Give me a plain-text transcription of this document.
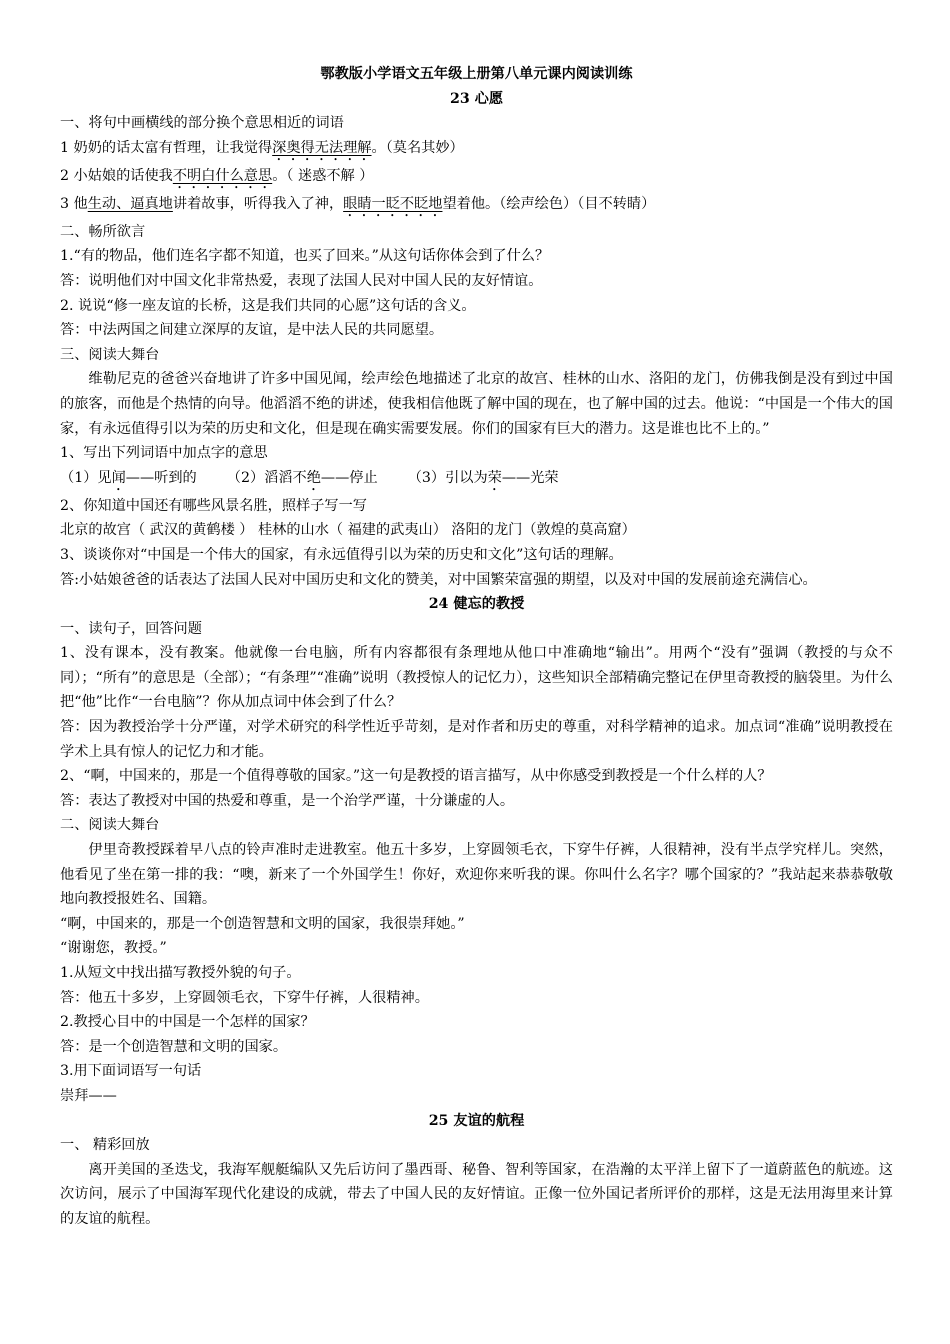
鄂教版小学语文五年级上册第八单元课内阅读训练
23 心愿
一、将句中画横线的部分换个意思相近的词语
1 奶奶的话太富有哲理，让我觉得深奥得无法理解。（莫名其妙）
2 小姑娘的话使我不明白什么意思。（ 迷惑不解 ）
3 他生动、逼真地讲着故事，听得我入了神，眼睛一眨不眨地望着他。（绘声绘色）（目不转睛）
二、畅所欲言
1.“有的物品，他们连名字都不知道，也买了回来。”从这句话你体会到了什么？
答：说明他们对中国文化非常热爱，表现了法国人民对中国人民的友好情谊。
2. 说说“修一座友谊的长桥，这是我们共同的心愿”这句话的含义。
答：中法两国之间建立深厚的友谊，是中法人民的共同愿望。
三、阅读大舞台
维勒尼克的爸爸兴奋地讲了许多中国见闻，绘声绘色地描述了北京的故宫、桂林的山水、洛阳的龙门，仿佛我倒是没有到过中国的旅客，而他是个热情的向导。他滔滔不绝的讲述，使我相信他既了解中国的现在，也了解中国的过去。他说：“中国是一个伟大的国家，有永远值得引以为荣的历史和文化，但是现在确实需要发展。你们的国家有巨大的潜力。这是谁也比不上的。”
1、写出下列词语中加点字的意思
（1）见闻——听到的 （2）滔滔不绝——停止 （3）引以为荣——光荣
2、你知道中国还有哪些风景名胜，照样子写一写
北京的故宫（ 武汉的黄鹤楼 ） 桂林的山水（ 福建的武夷山） 洛阳的龙门（敦煌的莫高窟）
3、谈谈你对“中国是一个伟大的国家，有永远值得引以为荣的历史和文化”这句话的理解。
答:小姑娘爸爸的话表达了法国人民对中国历史和文化的赞美，对中国繁荣富强的期望，以及对中国的发展前途充满信心。
24 健忘的教授
一、读句子，回答问题
1、没有课本，没有教案。他就像一台电脑，所有内容都很有条理地从他口中准确地“输出”。用两个“没有”强调（教授的与众不同）；“所有”的意思是（全部）；“有条理”“准确”说明（教授惊人的记忆力），这些知识全部精确完整记在伊里奇教授的脑袋里。为什么把“他”比作“一台电脑”？你从加点词中体会到了什么？
答：因为教授治学十分严谨，对学术研究的科学性近乎苛刻，是对作者和历史的尊重，对科学精神的追求。加点词“准确”说明教授在学术上具有惊人的记忆力和才能。
2、“啊，中国来的，那是一个值得尊敬的国家。”这一句是教授的语言描写，从中你感受到教授是一个什么样的人？
答：表达了教授对中国的热爱和尊重，是一个治学严谨，十分谦虚的人。
二、阅读大舞台
伊里奇教授踩着早八点的铃声准时走进教室。他五十多岁，上穿圆领毛衣，下穿牛仔裤，人很精神，没有半点学究样儿。突然，他看见了坐在第一排的我：“噢，新来了一个外国学生！你好，欢迎你来听我的课。你叫什么名字？哪个国家的？”我站起来恭恭敬敬地向教授报姓名、国籍。
“啊，中国来的，那是一个创造智慧和文明的国家，我很崇拜她。”
“谢谢您，教授。”
1.从短文中找出描写教授外貌的句子。
答：他五十多岁，上穿圆领毛衣，下穿牛仔裤，人很精神。
2.教授心目中的中国是一个怎样的国家？
答：是一个创造智慧和文明的国家。
3.用下面词语写一句话
崇拜——
25 友谊的航程
一、 精彩回放
离开美国的圣迭戈，我海军舰艇编队又先后访问了墨西哥、秘鲁、智利等国家，在浩瀚的太平洋上留下了一道蔚蓝色的航迹。这次访问，展示了中国海军现代化建设的成就，带去了中国人民的友好情谊。正像一位外国记者所评价的那样，这是无法用海里来计算的友谊的航程。
